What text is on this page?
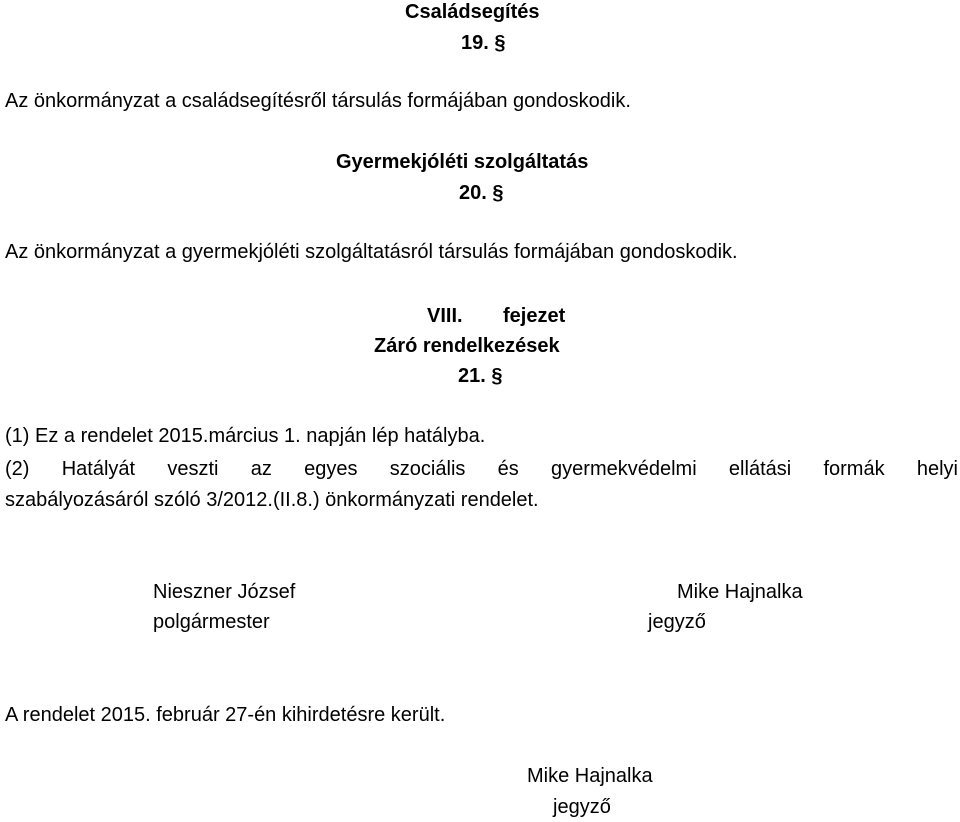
Családsegítés
19. §
Az önkormányzat a családsegítésről társulás formájában gondoskodik.
Gyermekjóléti szolgáltatás
20. §
Az önkormányzat a gyermekjóléti szolgáltatásról társulás formájában gondoskodik.
VIII. fejezet
Záró rendelkezések
21. §
(1) Ez a rendelet 2015.március 1. napján lép hatályba.
(2) Hatályát veszti az egyes szociális és gyermekvédelmi ellátási formák helyi
szabályozásáról szóló 3/2012.(II.8.) önkormányzati rendelet.
Nieszner József
polgármester
Mike Hajnalka
jegyző
A rendelet 2015. február 27-én kihirdetésre került.
Mike Hajnalka
jegyző
